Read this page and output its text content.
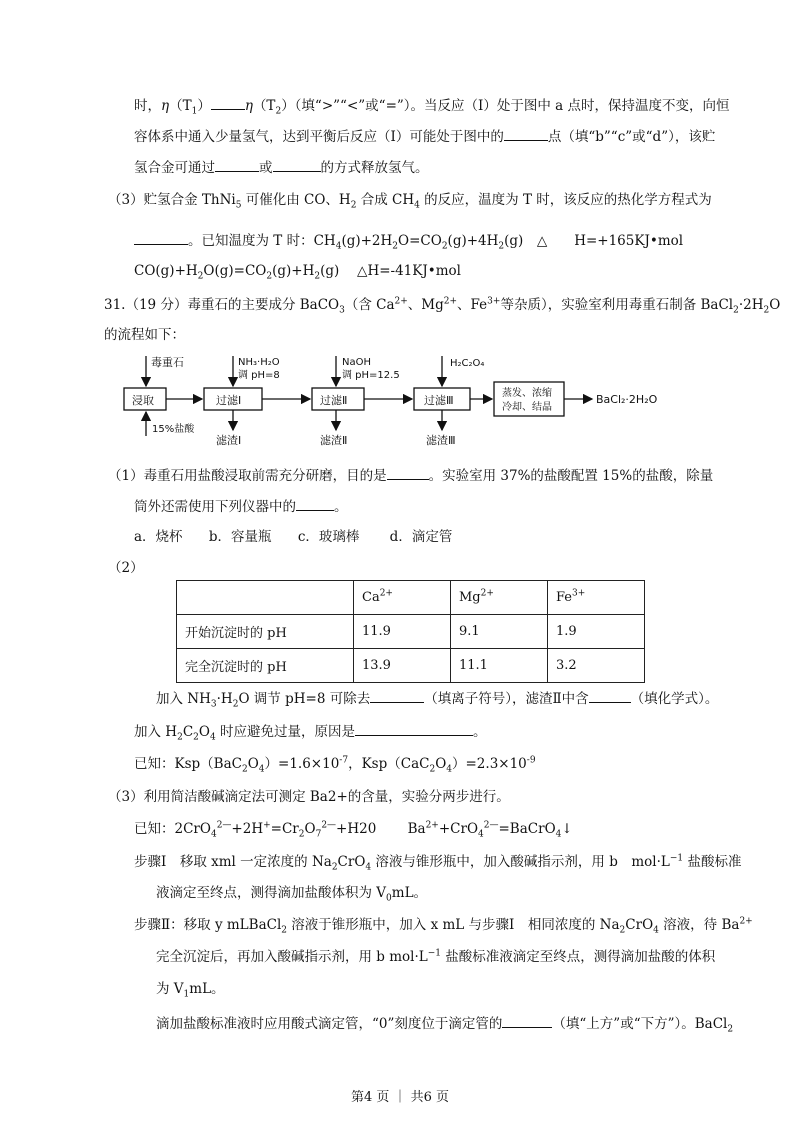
时，$\eta(T_1)$	$\eta(T_2)$（填“>”“<”或“=”）。当反应（Ⅰ）处于图中 a 点时，保持温度不变，向恒
容体系中通入少量氢气，达到平衡后反应（Ⅰ）可能处于图中的	点（填“b”“c”或“d”），该贮
氢合金可通过	或	的方式释放氢气。
（3）贮氢合金 ThNi$_5$ 可催化由 CO、$H_2$ 合成 $CH_4$ 的反应，温度为 T 时，该反应的热化学方程式为
。已知温度为 T 时：$CH_4(g)+2H_2O=CO_2(g)+4H_2(g)$　△　　H=+165KJ•mol
$CO(g)+H_2O(g)=CO_2(g)+H_2(g)$　 △H=-41KJ•mol
31.（19 分）毒重石的主要成分 BaCO$_3$（含 $Ca^{2+}$、$Mg^{2+}$、$Fe^{3+}$等杂质），实验室利用毒重石制备 $BaCl_2\cdot 2H_2O$
的流程如下：
毒重石
浸取
15%盐酸
NH₃·H₂O
调 pH=8
过滤Ⅰ
滤渣Ⅰ
NaOH
调 pH=12.5
过滤Ⅱ
滤渣Ⅱ
H₂C₂O₄
过滤Ⅲ
滤渣Ⅲ
蒸发、浓缩
冷却、结晶
BaCl₂·2H₂O
（1）毒重石用盐酸浸取前需充分研磨，目的是	。实验室用 37%的盐酸配置 15%的盐酸，除量
筒外还需使用下列仪器中的	。
a．烧杯 b．容量瓶 c．玻璃棒 d．滴定管
（2）
	$Ca^{2+}$	$Mg^{2+}$	$Fe^{3+}$
开始沉淀时的 pH	11.9	9.1	1.9
完全沉淀时的 pH	13.9	11.1	3.2
加入 $NH_3\cdot H_2O$ 调节 pH=8 可除去	（填离子符号），滤渣Ⅱ中含	（填化学式）。
加入 $H_2C_2O_4$ 时应避免过量，原因是	。
已知：$Ksp(BaC_2O_4)=1.6\times 10^{-7}$，$Ksp(CaC_2O_4)=2.3\times 10^{-9}$
（3）利用简洁酸碱滴定法可测定 Ba2+的含量，实验分两步进行。
已知：$2CrO_4^{2—}+2H^+=Cr_2O_7^{2—}+H20$　　 $Ba^{2+}+CrO_4^{2—}=BaCrO_4↓$
步骤Ⅰ　移取 xml 一定浓度的 $Na_2CrO_4$ 溶液与锥形瓶中，加入酸碱指示剂，用 b　$mol\cdot L^{-1}$ 盐酸标准
液滴定至终点，测得滴加盐酸体积为 $V_0mL$。
步骤Ⅱ：移取 y mLBaCl$_2$ 溶液于锥形瓶中，加入 x mL 与步骤Ⅰ　相同浓度的 $Na_2CrO_4$ 溶液，待 $Ba^{2+}$
完全沉淀后，再加入酸碱指示剂，用 b $mol\cdot L^{-1}$ 盐酸标准液滴定至终点，测得滴加盐酸的体积
为 $V_1mL$。
滴加盐酸标准液时应用酸式滴定管，“0”刻度位于滴定管的	（填“上方”或“下方”）。BaCl$_2$
第4 页 ｜ 共6 页
